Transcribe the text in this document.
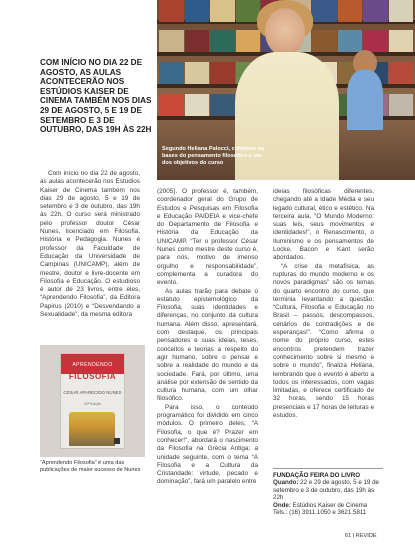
Segundo Heliana Palocci, conhecer as bases do pensamento filosófico é um dos objetivos do curso
COM INÍCIO NO DIA 22 DE AGOSTO, AS AULAS ACONTECERÃO NOS ESTÚDIOS KAISER DE CINEMA TAMBÉM NOS DIAS 29 DE AGOSTO, 5 E 19 DE SETEMBRO E 3 DE OUTUBRO, DAS 19H ÀS 22H

Com início no dia 22 de agosto, as aulas acontecerão nos Estúdios Kaiser de Cinema também nos dias 29 de agosto, 5 e 19 de setembro e 3 de outubro, das 19h às 22h. O curso será ministrado pelo professor doutor César Nunes, licenciado em Filosofia, História e Pedagogia. Nunes é professor da Faculdade de Educação da Universidade de Campinas (UNICAMP), além de mestre, doutor e livre-docente em Filosofia e Educação. O estudioso é autor de 23 livros, entre eles, “Aprendendo Filosofia”, da Editora Papirus (2010) e “Desvendando a Sexualidade”, da mesma editora

(2005). O professor é, também, coordenador geral do Grupo de Estudos e Pesquisas em Filosofia e Educação PAIDEIA e vice-chefe do Departamento de Filosofia e História da Educação da UNICAMP. “Ter o professor César Nunes como mestre deste curso é, para nós, motivo de imenso orgulho e responsabilidade”, complementa a curadora do evento.

As aulas trarão para debate o estatuto epistemológico da Filosofia, suas identidades e diferenças, no conjunto da cultura humana. Além disso, apresentará, com destaque, os principais pensadores e suas ideias, teses, conceitos e teorias a respeito do agir humano, sobre o pensar e sobre a realidade do mundo e da sociedade. Fará, por último, uma análise por extensão de sentido da cultura humana, com um olhar filosófico.

Para isso, o conteúdo programático foi dividido em cinco módulos. O primeiro deles, “A Filosofia, o que é? Prazer em conhecer!”, abordará o nascimento da Filosofia na Grécia Antiga; a unidade seguinte, com o tema “A Filosofia e a Cultura da Cristandade: virtude, pecado e dominação”, fará um paralelo entre

ideias filosóficas diferentes, chegando até a Idade Média e seu legado cultural, ético e estético. Na terceira aula, “O Mundo Moderno: suas leis, seus movimentos e identidades!”, o Renascimento, o Iluminismo e os pensamentos de Locke, Bacon e Kant serão abordados.

“A crise da metafísica, as rupturas do mundo moderno e os novos paradigmas” são os temas do quarto encontro do curso, que terminia levantando a questão: “Cultura, Filosofia e Educação no Brasil – passos, descompassos, cenários de contradições e de esperanças!”. “Como afirma o nome do próprio curso, estes encontros pretendem trazer conhecimento sobre si mesmo e sobre o mundo”, finaliza Heliana, lembrando que o evento é aberto a todos os interessados, com vagas limitadas, e oferece certificado de 32 horas, sendo 15 horas presenciais e 17 horas de leituras e estudos.

APRENDENDO
FILOSOFIA
CÉSAR APARECIDO NUNES
20ª Edição
“Aprendendo Filosofia” é uma das publicações de maior sucesso de Nunes
FUNDAÇÃO FEIRA DO LIVRO
Quando: 22 e 29 de agosto, 5 e 19 de setembro e 3 de outubro, das 19h às 22h
Onde: Estúdios Kaiser de Cinema
Tels.: (16) 3911.1050 e 3621.5811
61 | REVIDE
